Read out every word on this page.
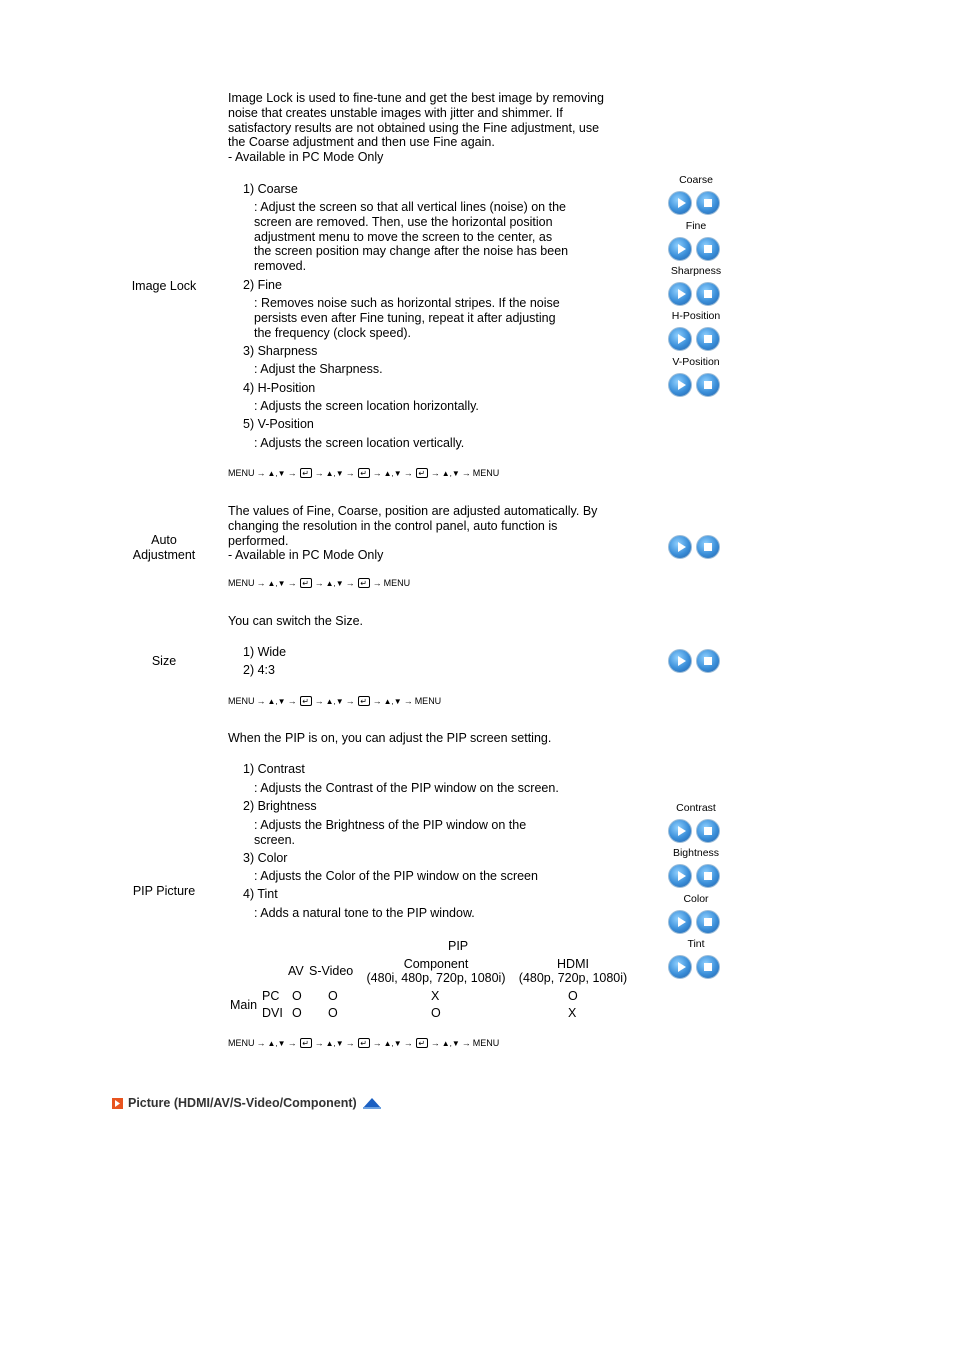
Image Lock
Image Lock is used to fine-tune and get the best image by removing
noise that creates unstable images with jitter and shimmer. If
satisfactory results are not obtained using the Fine adjustment, use
the Coarse adjustment and then use Fine again.
- Available in PC Mode Only
1) Coarse
: Adjust the screen so that all vertical lines (noise) on the
screen are removed. Then, use the horizontal position
adjustment menu to move the screen to the center, as
the screen position may change after the noise has been
removed.
2) Fine
: Removes noise such as horizontal stripes. If the noise
persists even after Fine tuning, repeat it after adjusting
the frequency (clock speed).
3) Sharpness
: Adjust the Sharpness.
4) H-Position
: Adjusts the screen location horizontally.
5) V-Position
: Adjusts the screen location vertically.
MENU → ▲,▼ → ↵ → ▲,▼ → ↵ → ▲,▼ → ↵ → ▲,▼ → MENU
Coarse
Fine
Sharpness
H-Position
V-Position
Auto
Adjustment
The values of Fine, Coarse, position are adjusted automatically. By
changing the resolution in the control panel, auto function is
performed.
- Available in PC Mode Only
MENU → ▲,▼ → ↵ → ▲,▼ → ↵ → MENU
Size
You can switch the Size.
1) Wide
2) 4:3
MENU → ▲,▼ → ↵ → ▲,▼ → ↵ → ▲,▼ → MENU
PIP Picture
When the PIP is on, you can adjust the PIP screen setting.
1) Contrast
: Adjusts the Contrast of the PIP window on the screen.
2) Brightness
: Adjusts the Brightness of the PIP window on the
screen.
3) Color
: Adjusts the Color of the PIP window on the screen
4) Tint
: Adds a natural tone to the PIP window.
PIP
AV S-Video	Component
(480i, 480p, 720p, 1080i)
HDMI
(480p, 720p, 1080i)
Main
PC O O	X	O
DVI O O	O	X
MENU → ▲,▼ → ↵ → ▲,▼ → ↵ → ▲,▼ → ↵ → ▲,▼ → MENU
Contrast
Bightness
Color
Tint
Picture (HDMI/AV/S-Video/Component)
